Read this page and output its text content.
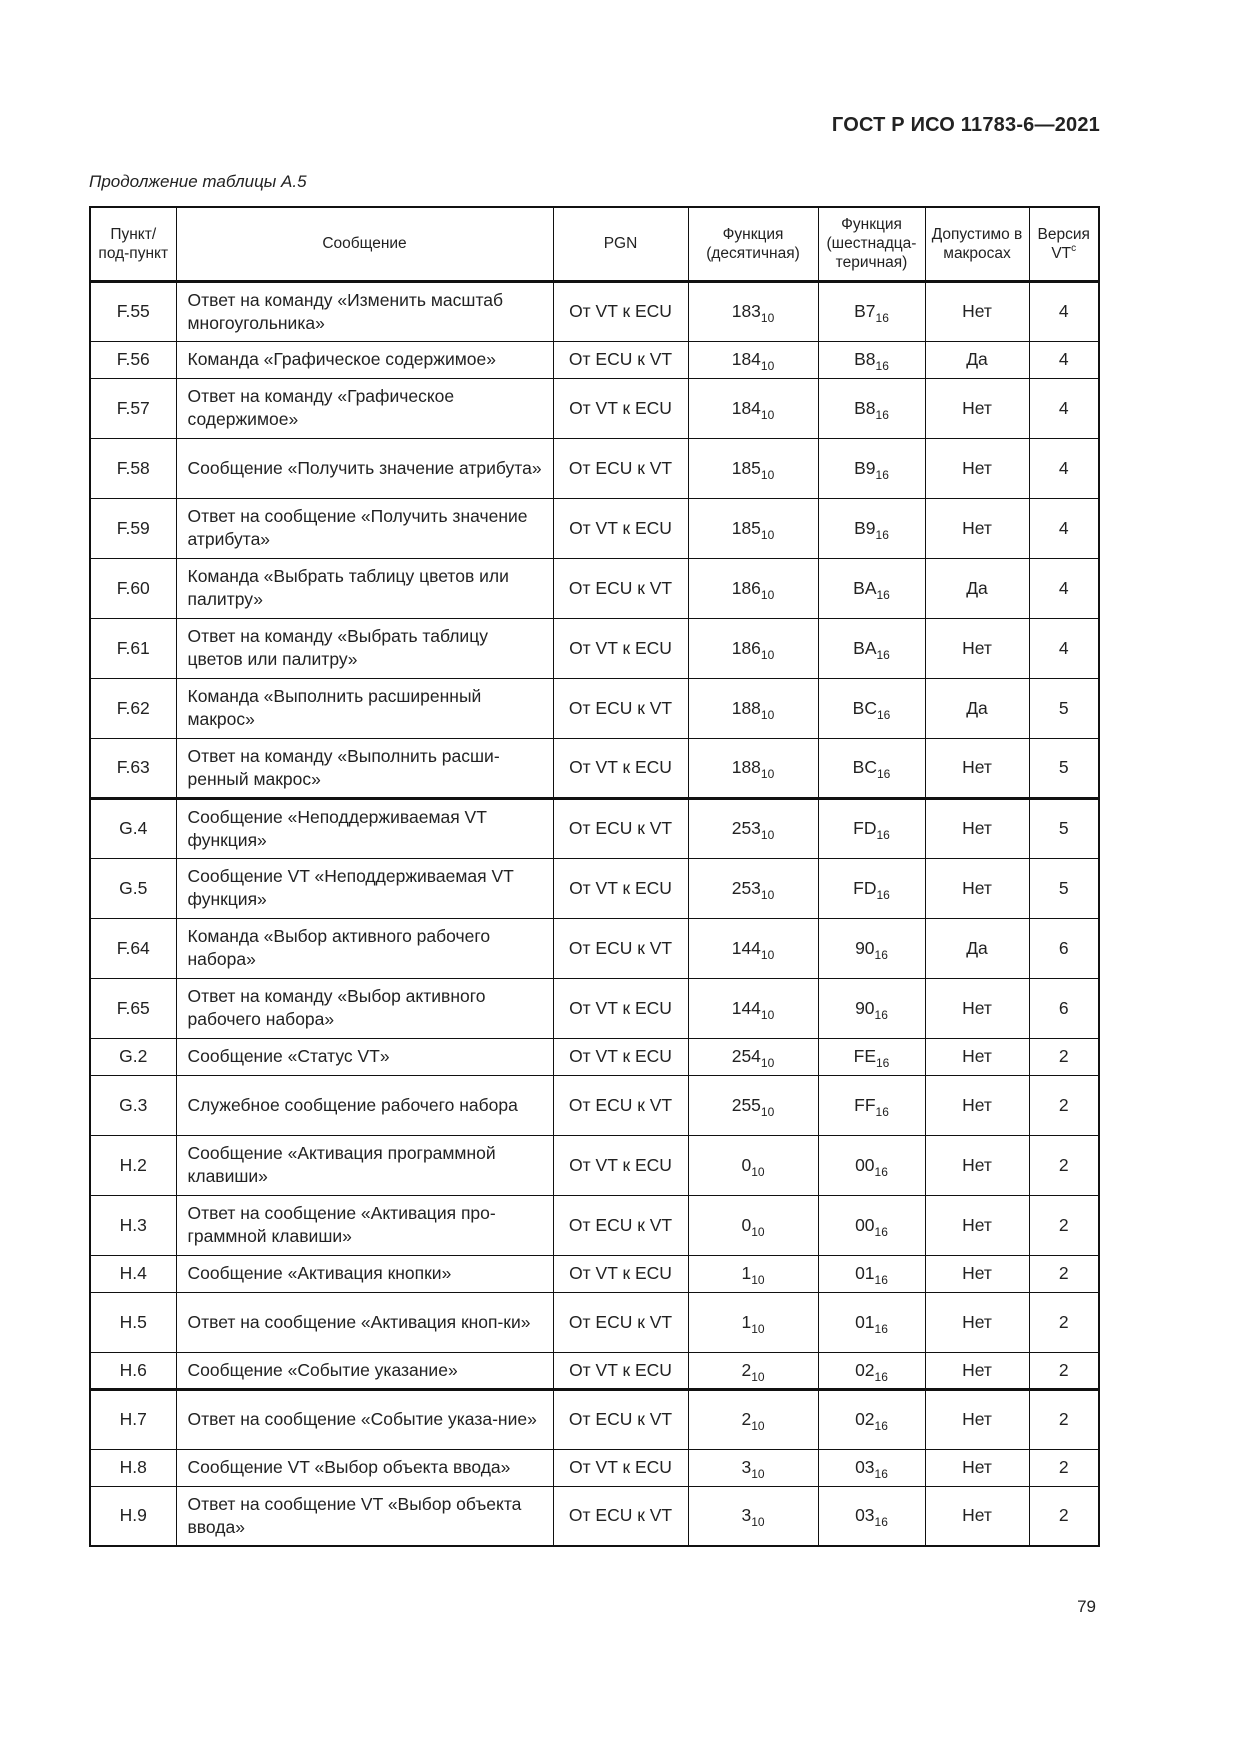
ГОСТ Р ИСО 11783-6—2021
Продолжение таблицы А.5
Пункт/ под-пункт	Сообщение	PGN	Функция (десятичная)	Функция (шестнадца-теричная)	Допустимо в макросах	Версия $VT^c$
F.55	Ответ на команду «Изменить масштаб многоугольника»	От VT к ECU	$183_{10}$	$B7_{16}$	Нет	4
F.56	Команда «Графическое содержимое»	От ECU к VT	$184_{10}$	$B8_{16}$	Да	4
F.57	Ответ на команду «Графическое содержимое»	От VT к ECU	$184_{10}$	$B8_{16}$	Нет	4
F.58	Сообщение «Получить значение атрибута»	От ECU к VT	$185_{10}$	$B9_{16}$	Нет	4
F.59	Ответ на сообщение «Получить значение атрибута»	От VT к ECU	$185_{10}$	$B9_{16}$	Нет	4
F.60	Команда «Выбрать таблицу цветов или палитру»	От ECU к VT	$186_{10}$	$BA_{16}$	Да	4
F.61	Ответ на команду «Выбрать таблицу цветов или палитру»	От VT к ECU	$186_{10}$	$BA_{16}$	Нет	4
F.62	Команда «Выполнить расширенный макрос»	От ECU к VT	$188_{10}$	$BC_{16}$	Да	5
F.63	Ответ на команду «Выполнить расши-ренный макрос»	От VT к ECU	$188_{10}$	$BC_{16}$	Нет	5
G.4	Сообщение «Неподдерживаемая VT функция»	От ECU к VT	$253_{10}$	$FD_{16}$	Нет	5
G.5	Сообщение VT «Неподдерживаемая VT функция»	От VT к ECU	$253_{10}$	$FD_{16}$	Нет	5
F.64	Команда «Выбор активного рабочего набора»	От ECU к VT	$144_{10}$	$90_{16}$	Да	6
F.65	Ответ на команду «Выбор активного рабочего набора»	От VT к ECU	$144_{10}$	$90_{16}$	Нет	6
G.2	Сообщение «Статус VT»	От VT к ECU	$254_{10}$	$FE_{16}$	Нет	2
G.3	Служебное сообщение рабочего набора	От ECU к VT	$255_{10}$	$FF_{16}$	Нет	2
H.2	Сообщение «Активация программной клавиши»	От VT к ECU	$0_{10}$	$00_{16}$	Нет	2
H.3	Ответ на сообщение «Активация про-граммной клавиши»	От ECU к VT	$0_{10}$	$00_{16}$	Нет	2
H.4	Сообщение «Активация кнопки»	От VT к ECU	$1_{10}$	$01_{16}$	Нет	2
H.5	Ответ на сообщение «Активация кноп-ки»	От ECU к VT	$1_{10}$	$01_{16}$	Нет	2
H.6	Сообщение «Событие указание»	От VT к ECU	$2_{10}$	$02_{16}$	Нет	2
H.7	Ответ на сообщение «Событие указа-ние»	От ECU к VT	$2_{10}$	$02_{16}$	Нет	2
H.8	Сообщение VT «Выбор объекта ввода»	От VT к ECU	$3_{10}$	$03_{16}$	Нет	2
H.9	Ответ на сообщение VT «Выбор объекта ввода»	От ECU к VT	$3_{10}$	$03_{16}$	Нет	2
79
